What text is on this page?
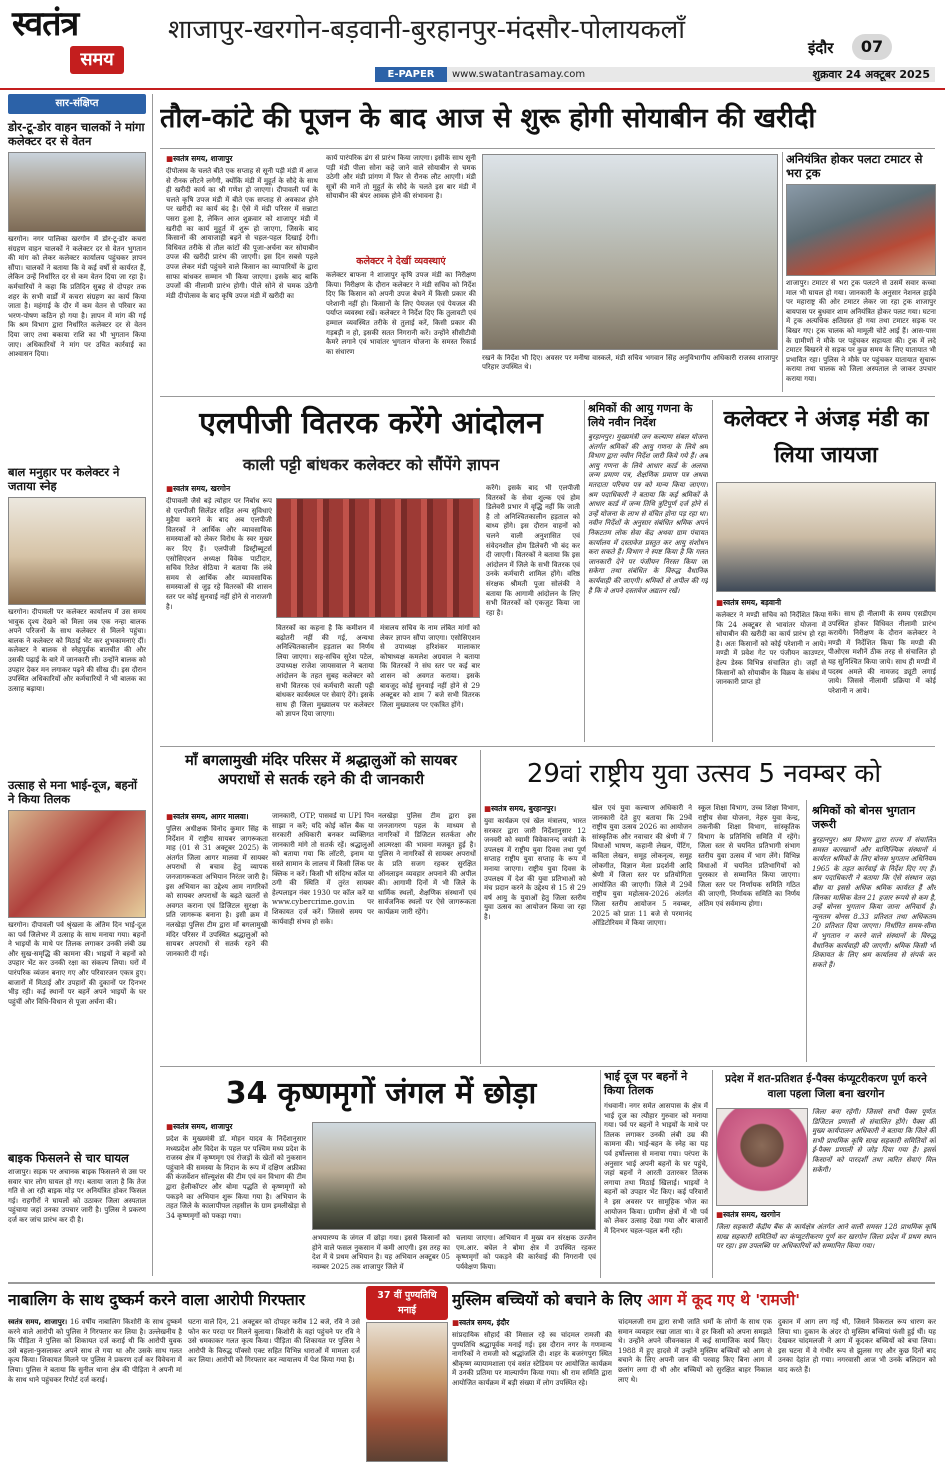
स्वतंत्र
समय
शाजापुर-खरगोन-बड़वानी-बुरहानपुर-मंदसौर-पोलायकलाँ
इंदौर	07
E-PAPER	www.swatantrasamay.com	शुक्रवार 24 अक्टूबर 2025
सार-संक्षिप्त
डोर-टू-डोर वाहन चालकों ने मांगा कलेक्टर दर से वेतन
खरगोन। नगर पालिका खरगोन में डोर-टू-डोर कचरा संग्रहण वाहन चालकों ने कलेक्टर दर से वेतन भुगतान की मांग को लेकर कलेक्टर कार्यालय पहुंचकर ज्ञापन सौंपा। चालकों ने बताया कि वे कई वर्षों से कार्यरत हैं, लेकिन उन्हें निर्धारित दर से कम वेतन दिया जा रहा है। कर्मचारियों ने कहा कि प्रतिदिन सुबह से दोपहर तक शहर के सभी वार्डों में कचरा संग्रहण का कार्य किया जाता है। महंगाई के दौर में कम वेतन से परिवार का भरण-पोषण कठिन हो गया है। ज्ञापन में मांग की गई कि श्रम विभाग द्वारा निर्धारित कलेक्टर दर से वेतन दिया जाए तथा बकाया राशि का भी भुगतान किया जाए। अधिकारियों ने मांग पर उचित कार्रवाई का आश्वासन दिया।
बाल मनुहार पर कलेक्टर ने जताया स्नेह
खरगोन। दीपावली पर कलेक्टर कार्यालय में उस समय भावुक दृश्य देखने को मिला जब एक नन्हा बालक अपने परिजनों के साथ कलेक्टर से मिलने पहुंचा। बालक ने कलेक्टर को मिठाई भेंट कर शुभकामनाएं दीं। कलेक्टर ने बालक से स्नेहपूर्वक बातचीत की और उसकी पढ़ाई के बारे में जानकारी ली। उन्होंने बालक को उपहार देकर मन लगाकर पढ़ने की सीख दी। इस दौरान उपस्थित अधिकारियों और कर्मचारियों ने भी बालक का उत्साह बढ़ाया।
उत्साह से मना भाई-दूज, बहनों ने किया तिलक
खरगोन। दीपावली पर्व श्रृंखला के अंतिम दिन भाई-दूज का पर्व जिलेभर में उत्साह के साथ मनाया गया। बहनों ने भाइयों के माथे पर तिलक लगाकर उनकी लंबी उम्र और सुख-समृद्धि की कामना की। भाइयों ने बहनों को उपहार भेंट कर उनकी रक्षा का संकल्प लिया। घरों में पारंपरिक व्यंजन बनाए गए और परिवारजन एकत्र हुए। बाजारों में मिठाई और उपहारों की दुकानों पर दिनभर भीड़ रही। कई स्थानों पर बहनें अपने भाइयों के घर पहुंचीं और विधि-विधान से पूजा अर्चना की।
बाइक फिसलने से चार घायल
शाजापुर। सड़क पर अचानक बाइक फिसलने से उस पर सवार चार लोग घायल हो गए। बताया जाता है कि तेज गति से आ रही बाइक मोड़ पर अनियंत्रित होकर फिसल गई। राहगीरों ने घायलों को उठाकर जिला अस्पताल पहुंचाया जहां उनका उपचार जारी है। पुलिस ने प्रकरण दर्ज कर जांच प्रारंभ कर दी है।
तौल-कांटे की पूजन के बाद आज से शुरू होगी सोयाबीन की खरीदी
■ स्वतंत्र समय, शाजापुर
दीपोत्सव के चलते बीते एक सप्ताह से सूनी पड़ी मंडी में आज से रौनक लौटने लगेगी, क्योंकि मंडी में मुहूर्त के सौदे के साथ ही खरीदी कार्य का श्री गणेश हो जाएगा। दीपावली पर्व के चलते कृषि उपज मंडी में बीते एक सप्ताह से अवकाश होने पर खरीदी का कार्य बंद है। ऐसे में मंडी परिसर में सन्नाटा पसरा हुआ है, लेकिन आज शुक्रवार को शाजापुर मंडी में खरीदी का कार्य मुहूर्त में शुरू हो जाएगा, जिसके बाद किसानों की आवाजाही बढ़ने से चहल-पहल दिखाई देगी। विधिवत तरीके से तौल कांटों की पूजा-अर्चना कर सोयाबीन उपज की खरीदी प्रारंभ की जाएगी। इस दिन सबसे पहले उपज लेकर मंडी पहुंचने वाले किसान का व्यापारियों के द्वारा साफा बांधकर सम्मान भी किया जाएगा। इसके बाद बाकि उपजों की नीलामी प्रारंभ होगी। पीले सोने से चमक उठेगी मंडी दीपोत्सव के बाद कृषि उपज मंडी में खरीदी का
कार्य पारंपरिक ढंग से प्रारंभ किया जाएगा। इसीके साथ सूनी पड़ी मंडी पीला सोना कहे जाने वाले सोयाबीन से चमक उठेगी और मंडी प्रांगण में फिर से रौनक लौट आएगी। मंडी सूत्रों की मानें तो मुहूर्त के सौदे के चलते इस बार मंडी में सोयाबीन की बंपर आवक होने की संभावना है।
कलेक्टर ने देखीं व्यवस्थाएं
कलेक्टर बाफना ने शाजापुर कृषि उपज मंडी का निरीक्षण किया। निरीक्षण के दौरान कलेक्टर ने मंडी सचिव को निर्देश दिए कि किसान को अपनी उपज बेचने में किसी प्रकार की परेशानी नहीं हो। किसानों के लिए पेयजल एवं पेयजल की पर्याप्त व्यवस्था रखें। कलेक्टर ने निर्देश दिए कि तुलावटी एवं हम्माल व्यवस्थित तरीके से तुलाई करें, किसी प्रकार की गड़बड़ी न हो, इसकी सतत निगरानी करें। उन्होंने सीसीटीवी कैमरे लगाने एवं भावांतर भुगतान योजना के समस्त रिकार्ड का संधारण
रखने के निर्देश भी दिए। अवसर पर मनीषा वास्कले, मंडी सचिव भगवान सिंह अनुविभागीय अधिकारी राजस्व शाजापुर परिहार उपस्थित थे।
अनियंत्रित होकर पलटा टमाटर से भरा ट्रक
शाजापुर। टमाटर से भरा ट्रक पलटने से उसमें सवार कच्चा माल भी घायल हो गया। जानकारी के अनुसार नेशनल हाईवे पर महाराष्ट्र की ओर टमाटर लेकर जा रहा ट्रक शाजापुर बायपास पर बुधवार शाम अनियंत्रित होकर पलट गया। घटना में ट्रक अत्यधिक क्षतिग्रस्त हो गया तथा टमाटर सड़क पर बिखर गए। ट्रक चालक को मामूली चोटें आई हैं। आस-पास के ग्रामीणों ने मौके पर पहुंचकर सहायता की। ट्रक में लदे टमाटर बिखरने से सड़क पर कुछ समय के लिए यातायात भी प्रभावित रहा। पुलिस ने मौके पर पहुंचकर यातायात सुचारू कराया तथा चालक को जिला अस्पताल ले जाकर उपचार कराया गया।
एलपीजी वितरक करेंगे आंदोलन
काली पट्टी बांधकर कलेक्टर को सौंपेंगे ज्ञापन
■ स्वतंत्र समय, खरगोन
दीपावली जैसे बड़े त्योहार पर निर्बाध रूप से एलपीजी सिलेंडर सहित अन्य सुविधाएं मुहैया कराने के बाद अब एलपीजी वितरकों ने आर्थिक और व्यावसायिक समस्याओं को लेकर विरोध के स्वर मुखर कर दिए हैं। एलपीजी डिस्ट्रीब्यूटर्स एसोसिएशन अध्यक्ष विवेक पाटीदार, सचिव रितेश सेठिया ने बताया कि लंबे समय से आर्थिक और व्यावसायिक समस्याओं से जुड़ रहे वितरकों की शासन स्तर पर कोई सुनवाई नहीं होने से नाराजगी है।
वितरकों का कहना है कि कमीशन में बढ़ोतरी नहीं की गई, अन्यथा अनिश्चितकालीन हड़ताल का निर्णय लिया जाएगा। सह-सचिव सुरेश पटेल, उपाध्यक्ष राजेश जायसवाल ने बताया आंदोलन के तहत सुबह कलेक्टर को सभी वितरक एवं कर्मचारी काली पट्टी बांधकर कार्यस्थल पर सेवाएं देंगे। इसके साथ ही जिला मुख्यालय पर कलेक्टर को ज्ञापन दिया जाएगा।
मंत्रालय सचिव के नाम लंबित मांगों को लेकर ज्ञापन सौंपा जाएगा। एसोसिएशन से उपाध्यक्ष हरिशंकर मालाकार कोषाध्यक्ष कमलेश अग्रवाल ने बताया कि वितरकों ने संघ स्तर पर कई बार शासन को अवगत कराया। इसके बावजूद कोई सुनवाई नहीं होने से 29 अक्टूबर को शाम 7 बजे सभी वितरक जिला मुख्यालय पर एकत्रित होंगे।
करेंगे। इसके बाद भी एलपीजी वितरकों के सेवा शुल्क एवं होम डिलेवरी प्रभार में वृद्धि नहीं कि जाती है तो अनिश्चितकालीन हड़ताल को बाध्य होंगे। इस दौरान वाहनों को चलने वाली अनुशासित एवं संवेदनशील होम डिलेवरी भी बंद कर दी जाएगी। वितरकों ने बताया कि इस आंदोलन में जिले के सभी वितरक एवं उनके कर्मचारी शामिल होंगे। वरिष्ठ संरक्षक श्रीमती पूजा सोलंकी ने बताया कि आगामी आंदोलन के लिए सभी वितरकों को एकजुट किया जा रहा है।
श्रमिकों की आयु गणना के लिये नवीन निर्देश
बुरहानपुर। मुख्यमंत्री जन कल्याण संबल योजना अंतर्गत श्रमिकों की आयु गणना के लिये श्रम विभाग द्वारा नवीन निर्देश जारी किये गये हैं। अब आयु गणना के लिये आधार कार्ड के अलावा जन्म प्रमाण पत्र, शैक्षणिक प्रमाण पत्र अथवा मतदाता परिचय पत्र को मान्य किया जाएगा। श्रम पदाधिकारी ने बताया कि कई श्रमिकों के आधार कार्ड में जन्म तिथि त्रुटिपूर्ण दर्ज होने से उन्हें योजना के लाभ से वंचित होना पड़ रहा था। नवीन निर्देशों के अनुसार संबंधित श्रमिक अपने निकटतम लोक सेवा केंद्र अथवा ग्राम पंचायत कार्यालय में दस्तावेज प्रस्तुत कर आयु संशोधन करा सकते हैं। विभाग ने स्पष्ट किया है कि गलत जानकारी देने पर पंजीयन निरस्त किया जा सकेगा तथा संबंधित के विरुद्ध वैधानिक कार्यवाही की जाएगी। श्रमिकों से अपील की गई है कि वे अपने दस्तावेज अद्यतन रखें।
कलेक्टर ने अंजड़ मंडी का लिया जायजा
■ स्वतंत्र समय, बड़वानी
कलेक्टर ने मण्डी सचिव को निर्देशित किया कि 24 अक्टूबर से भावांतर योजना में सोयाबीन की खरीदी का कार्य प्रारंभ हो रहा है। अतः किसानों को कोई परेशानी न आये। मण्डी में प्रवेश गेट पर पंजीयन काउण्टर, हेल्प डेस्क विभिन्न संचालित हो। जहाँ से किसानों को सोयाबीन के विक्रय के संबंध में जानकारी प्राप्त हो
सके। साथ ही नीलामी के समय एसडीएम उपस्थित होकर विधिवत नीलामी प्रारंभ करायेंगे। निरीक्षण के दौरान कलेक्टर ने मण्डी में निर्देशित किया कि मण्डी की पीओएस मशीनें ठीक तरह से संचालित हो यह सुनिश्चित किया जाये। साथ ही मण्डी में पदस्थ अमले की नामजद ड्यूटी लगाई जाये। जिससे नीलामी प्रक्रिया में कोई परेशानी न आये।
माँ बगलामुखी मंदिर परिसर में श्रद्धालुओं को सायबर अपराधों से सतर्क रहने की दी जानकारी
■ स्वतंत्र समय, आगर मालवा।
पुलिस अधीक्षक विनोद कुमार सिंह के निर्देशन में राष्ट्रीय सायबर जागरूकता माह (01 से 31 अक्टूबर 2025) के अंतर्गत जिला आगर मालवा में सायबर अपराधों से बचाव हेतु व्यापक जनजागरूकता अभियान निरंतर जारी है। इस अभियान का उद्देश्य आम नागरिकों को सायबर अपराधों के बढ़ते खतरों से अवगत कराना एवं डिजिटल सुरक्षा के प्रति जागरूक बनाना है। इसी क्रम में नलखेड़ा पुलिस टीम द्वारा माँ बगलामुखी मंदिर परिसर में उपस्थित श्रद्धालुओं को सायबर अपराधों से सतर्क रहने की जानकारी दी गई।
जानकारी, OTP, पासवर्ड या UPI पिन साझा न करें; यदि कोई कॉल बैंक या सरकारी अधिकारी बनकर व्यक्तिगत जानकारी मांगे तो सतर्क रहें। श्रद्धालुओं को बताया गया कि लॉटरी, इनाम या सस्ते सामान के लालच में किसी लिंक पर क्लिक न करें। किसी भी संदिग्ध कॉल या ठगी की स्थिति में तुरंत सायबर हेल्पलाइन नंबर 1930 पर कॉल करें या www.cybercrime.gov.in पर शिकायत दर्ज करें। जिससे समय पर कार्यवाही संभव हो सके।
नलखेड़ा पुलिस टीम द्वारा इस जनजागरण पहल के माध्यम से नागरिकों में डिजिटल सतर्कता और आत्मरक्षा की भावना मजबूत हुई है। पुलिस ने नागरिकों से सायबर अपराधों के प्रति सजग रहकर सुरक्षित ऑनलाइन व्यवहार अपनाने की अपील की। आगामी दिनों में भी जिले के धार्मिक स्थलों, शैक्षणिक संस्थानों एवं सार्वजनिक स्थलों पर ऐसे जागरूकता कार्यक्रम जारी रहेंगे।
29वां राष्ट्रीय युवा उत्सव 5 नवम्बर को
■ स्वतंत्र समय, बुरहानपुर।
युवा कार्यक्रम एवं खेल मंत्रालय, भारत सरकार द्वारा जारी निर्देशानुसार 12 जनवरी को स्वामी विवेकानन्द जयंती के उपलक्ष्य में राष्ट्रीय युवा दिवस तथा पूर्ण सप्ताह राष्ट्रीय युवा सप्ताह के रूप में मनाया जाएगा। राष्ट्रीय युवा दिवस के उपलक्ष्य में देश की युवा प्रतिभाओं को मंच प्रदान करने के उद्देश्य से 15 से 29 वर्ष आयु के युवाओं हेतु जिला स्तरीय युवा उत्सव का आयोजन किया जा रहा है।
खेल एवं युवा कल्याण अधिकारी ने जानकारी देते हुए बताया कि 29वें राष्ट्रीय युवा उत्सव 2026 का आयोजन सांस्कृतिक और नवाचार की श्रेणी में 7 विधाओं भाषण, कहानी लेखन, पेंटिंग, कविता लेखन, समूह लोकनृत्य, समूह लोकगीत, विज्ञान मेला प्रदर्शनी आदि श्रेणी में जिला स्तर पर प्रतियोगिता आयोजित की जाएगी। जिले में 29वें राष्ट्रीय युवा महोत्सव-2026 अंतर्गत जिला स्तरीय आयोजन 5 नवम्बर, 2025 को प्रातः 11 बजे से परमानंद ऑडिटोरियम में किया जाएगा।
स्कूल शिक्षा विभाग, उच्च शिक्षा विभाग, राष्ट्रीय सेवा योजना, नेहरु युवा केन्द्र, तकनीकी शिक्षा विभाग, सांस्कृतिक विभाग के प्रतिनिधि समिति में रहेंगे। जिला स्तर से चयनित प्रतिभागी संभाग स्तरीय युवा उत्सव में भाग लेंगे। विभिन्न विधाओं में चयनित प्रतिभागियों को पुरस्कार से सम्मानित किया जाएगा। जिला स्तर पर निर्णायक समिति गठित की जाएगी, निर्णायक समिति का निर्णय अंतिम एवं सर्वमान्य होगा।
श्रमिकों को बोनस भुगतान जरूरी
बुरहानपुर। श्रम विभाग द्वारा राज्य में संचालित समस्त कारखानों और वाणिज्यिक संस्थानों में कार्यरत श्रमिकों के लिए बोनस भुगतान अधिनियम 1965 के तहत कार्रवाई के निर्देश दिए गए हैं। श्रम पदाधिकारी ने बताया कि ऐसे संस्थान जहां बीस या इससे अधिक श्रमिक कार्यरत हैं और जिनका मासिक वेतन 21 हजार रूपये से कम है, उन्हें बोनस भुगतान किया जाना अनिवार्य है। न्यूनतम बोनस 8.33 प्रतिशत तथा अधिकतम 20 प्रतिशत दिया जाएगा। निर्धारित समय-सीमा में भुगतान न करने वाले संस्थानों के विरुद्ध वैधानिक कार्यवाही की जाएगी। श्रमिक किसी भी शिकायत के लिए श्रम कार्यालय से संपर्क कर सकते हैं।
34 कृष्णमृगों जंगल में छोड़ा
■ स्वतंत्र समय, शाजापुर
प्रदेश के मुख्यमंत्री डॉ. मोहन यादव के निर्देशानुसार मध्यप्रदेश और विदेश के पहल पर पश्चिम मध्य प्रदेश के राजस्व क्षेत्र में कृष्णमृग एवं रोजड़ों के खेतों को नुकसान पहुंचाने की समस्या के निदान के रूप में दक्षिण अफ्रीका की कंजर्वेशन सॉल्यूशंस की टीम एवं वन विभाग की टीम द्वारा हेलीकॉप्टर और बोमा पद्धति से कृष्णमृगों को पकड़ने का अभियान शुरू किया गया है। अभियान के तहत जिले के कालापीपल तहसील के ग्राम इमलीखेड़ा से 34 कृष्णमृगों को पकड़ा गया।
अभयारण्य के जंगल में छोड़ा गया। इससे किसानों को होने वाले फसल नुकसान में कमी आएगी। इस तरह का देश में ये प्रथम अभियान है। यह अभियान अक्टूबर 05 नवम्बर 2025 तक शाजापुर जिले में
चलाया जाएगा। अभियान में मुख्य वन संरक्षक उज्जैन एम.आर. बघेल ने बोमा क्षेत्र में उपस्थित रहकर कृष्णमृगों को पकड़ने की कार्रवाई की निगरानी एवं पर्यवेक्षण किया।
भाई दूज पर बहनों ने किया तिलक
गंधवानी। नगर समेत आसपास के क्षेत्र में भाई दूज का त्यौहार गुरुवार को मनाया गया। पर्व पर बहनों ने भाइयों के माथे पर तिलक लगाकर उनकी लंबी उम्र की कामना की। भाई-बहन के स्नेह का यह पर्व हर्षोल्लास से मनाया गया। परंपरा के अनुसार भाई अपनी बहनों के घर पहुंचे, जहां बहनों ने आरती उतारकर तिलक लगाया तथा मिठाई खिलाई। भाइयों ने बहनों को उपहार भेंट किए। कई परिवारों ने इस अवसर पर सामूहिक भोज का आयोजन किया। ग्रामीण क्षेत्रों में भी पर्व को लेकर उत्साह देखा गया और बाजारों में दिनभर चहल-पहल बनी रही।
प्रदेश में शत-प्रतिशत ई-पैक्स कंप्यूटरीकरण पूर्ण करने वाला पहला जिला बना खरगोन
जिला बना रहेगी। जिससे सभी पैक्स पूर्णतः डिजिटल प्रणाली से संचालित होंगे। पैक्स की मुख्य कार्यपालन अधिकारी ने बताया कि जिले की सभी प्राथमिक कृषि साख सहकारी समितियों को ई-पैक्स प्रणाली से जोड़ दिया गया है। इससे किसानों को पारदर्शी तथा त्वरित सेवाएं मिल सकेंगी।
■ स्वतंत्र समय, खरगोन
जिला सहकारी केंद्रीय बैंक के कार्यक्षेत्र अंतर्गत आने वाली समस्त 128 प्राथमिक कृषि साख सहकारी समितियों का कंप्यूटरीकरण पूर्ण कर खरगोन जिला प्रदेश में प्रथम स्थान पर रहा। इस उपलब्धि पर अधिकारियों को सम्मानित किया गया।
नाबालिग के साथ दुष्कर्म करने वाला आरोपी गिरफ्तार
स्वतंत्र समय, शाजापुर। 16 वर्षीय नाबालिग किशोरी के साथ दुष्कर्म करने वाले आरोपी को पुलिस ने गिरफ्तार कर लिया है। उल्लेखनीय है कि पीड़िता ने पुलिस को शिकायत दर्ज कराई थी कि आरोपी युवक उसे बहला-फुसलाकर अपने साथ ले गया था और उसके साथ गलत कृत्य किया। शिकायत मिलने पर पुलिस ने प्रकरण दर्ज कर विवेचना में लिया। पुलिस ने बताया कि सुनील थाना क्षेत्र की पीड़िता ने अपनी मां के साथ थाने पहुंचकर रिपोर्ट दर्ज कराई।
घटना वाले दिन, 21 अक्टूबर को दोपहर करीब 12 बजे, रवि ने उसे फोन कर परदा पर मिलने बुलाया। किशोरी के वहां पहुंचने पर रवि ने उसे धमकाकर गलत कृत्य किया। पीड़िता की शिकायत पर पुलिस ने आरोपी के विरुद्ध पॉक्सो एक्ट सहित विभिन्न धाराओं में मामला दर्ज कर लिया। आरोपी को गिरफ्तार कर न्यायालय में पेश किया गया है।
37 वीं पुण्यतिथि मनाई
मुस्लिम बच्चियों को बचाने के लिए आग में कूद गए थे 'रामजी'
■ स्वतंत्र समय, इंदौर
सांप्रदायिक सौहार्द की मिसाल रहे स्व चांदमल रामजी की पुण्यतिथि श्रद्धापूर्वक मनाई गई। इस दौरान नगर के गणमान्य नागरिकों ने रामजी को श्रद्धांजलि दी। शहर के बजरंगपुरा स्थित श्रीकृष्ण व्यायामशाला एवं वसंत स्टेडियम पर आयोजित कार्यक्रम में उनकी प्रतिमा पर माल्यार्पण किया गया। श्री राम समिति द्वारा आयोजित कार्यक्रम में बड़ी संख्या में लोग उपस्थित रहे।
चांदमलजी राम द्वारा सभी जाति धर्मों के लोगों के साथ एक समान व्यवहार रखा जाता था। वे हर किसी को अपना समझते थे। उन्होंने अपने जीवनकाल में कई सामाजिक कार्य किए। 1988 में हुए हादसे में उन्होंने मुस्लिम बच्चियों को आग से बचाने के लिए अपनी जान की परवाह किए बिना आग में छलांग लगा दी थी और बच्चियों को सुरक्षित बाहर निकाल लाए थे।
दुकान में आग लग गई थी, जिसने विकराल रूप धारण कर लिया था। दुकान के अंदर दो मुस्लिम बच्चियां फंसी हुई थीं। यह देखकर चांदमलजी ने आग में कूदकर बच्चियों को बचा लिया। इस घटना में वे गंभीर रूप से झुलस गए और कुछ दिनों बाद उनका देहांत हो गया। नगरवासी आज भी उनके बलिदान को याद करते हैं।
